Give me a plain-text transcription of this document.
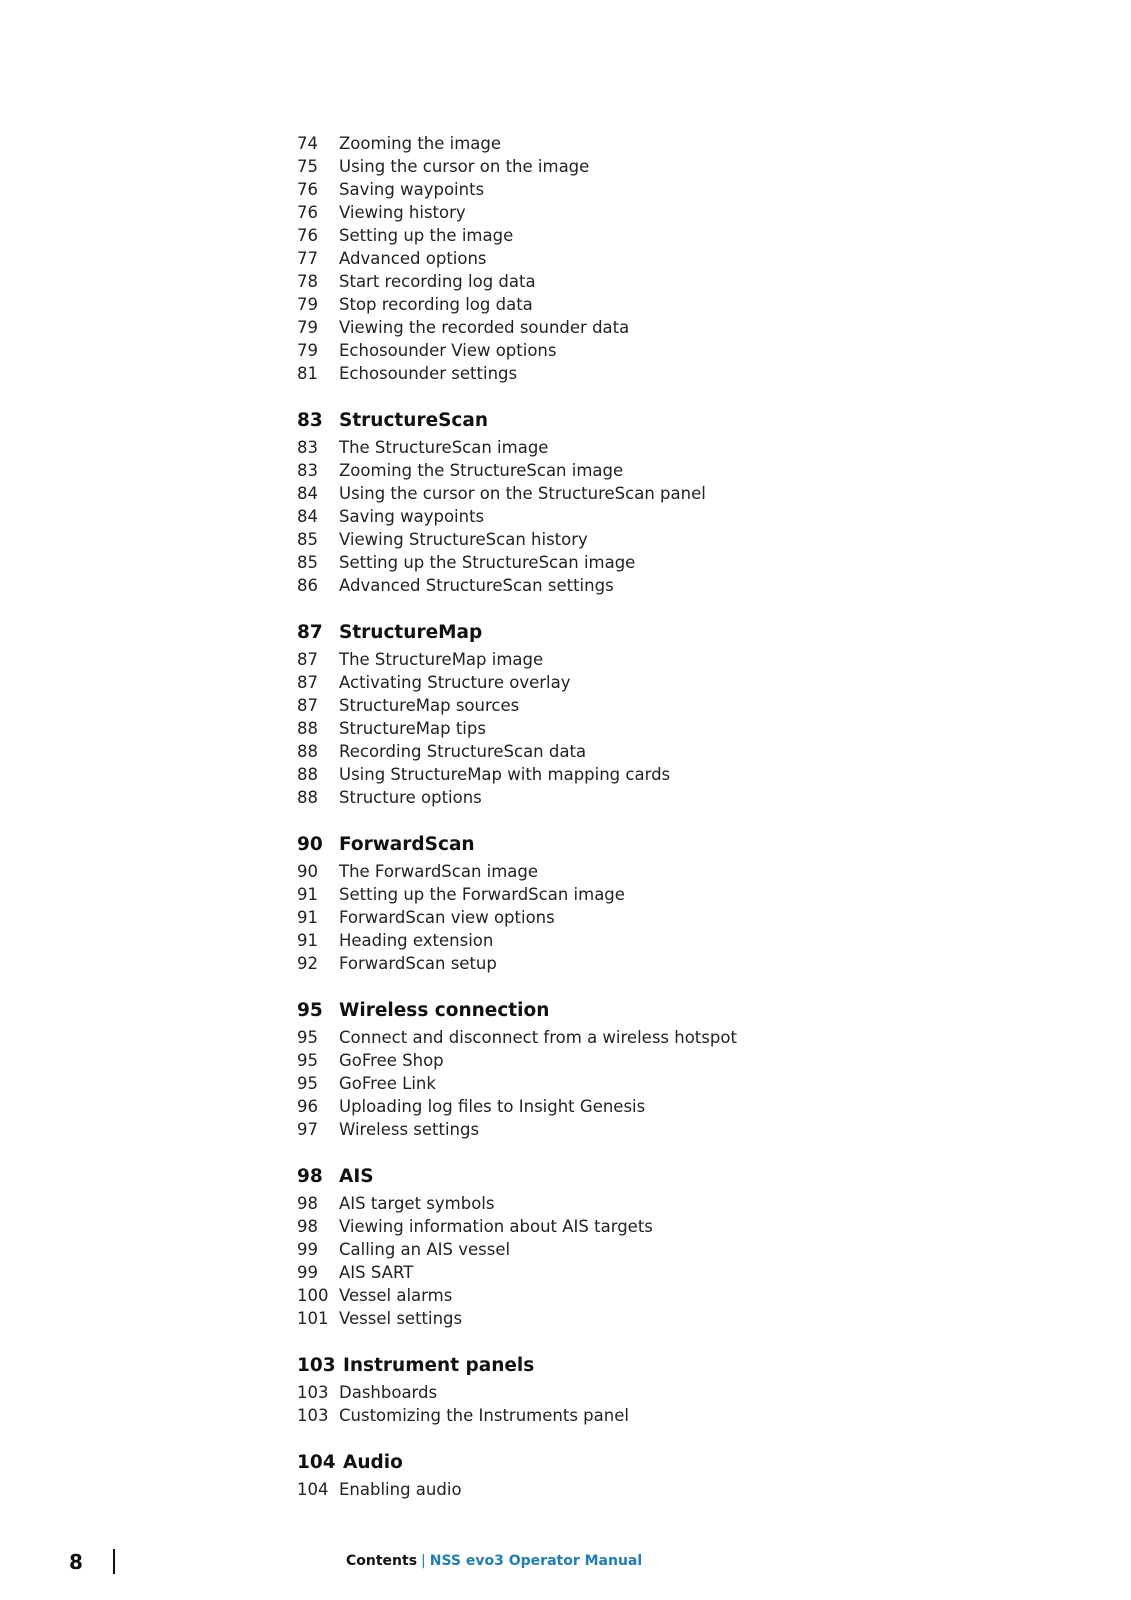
74	Zooming the image
75	Using the cursor on the image
76	Saving waypoints
76	Viewing history
76	Setting up the image
77	Advanced options
78	Start recording log data
79	Stop recording log data
79	Viewing the recorded sounder data
79	Echosounder View options
81	Echosounder settings
83 StructureScan
83	The StructureScan image
83	Zooming the StructureScan image
84	Using the cursor on the StructureScan panel
84	Saving waypoints
85	Viewing StructureScan history
85	Setting up the StructureScan image
86	Advanced StructureScan settings
87 StructureMap
87	The StructureMap image
87	Activating Structure overlay
87	StructureMap sources
88	StructureMap tips
88	Recording StructureScan data
88	Using StructureMap with mapping cards
88	Structure options
90 ForwardScan
90	The ForwardScan image
91	Setting up the ForwardScan image
91	ForwardScan view options
91	Heading extension
92	ForwardScan setup
95 Wireless connection
95	Connect and disconnect from a wireless hotspot
95	GoFree Shop
95	GoFree Link
96	Uploading log files to Insight Genesis
97	Wireless settings
98 AIS
98	AIS target symbols
98	Viewing information about AIS targets
99	Calling an AIS vessel
99	AIS SART
100 Vessel alarms
101 Vessel settings
103 Instrument panels
103 Dashboards
103 Customizing the Instruments panel
104 Audio
104 Enabling audio
8	Contents | NSS evo3 Operator Manual
